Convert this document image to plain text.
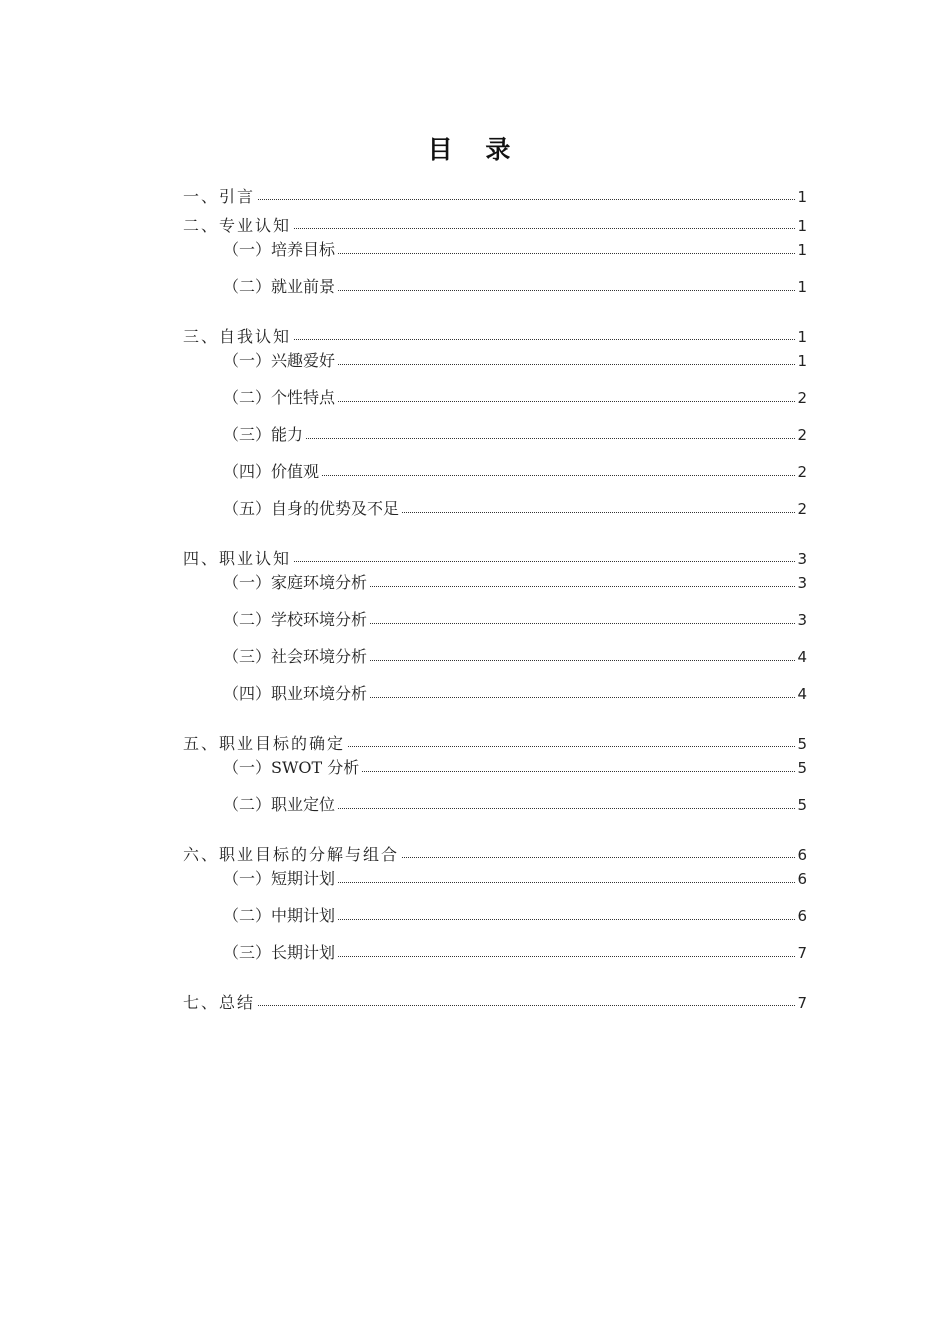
目 录
一、引言	1
二、专业认知	1
（一）培养目标	1
（二）就业前景	1
三、自我认知	1
（一）兴趣爱好	1
（二）个性特点	2
（三）能力	2
（四）价值观	2
（五）自身的优势及不足	2
四、职业认知	3
（一）家庭环境分析	3
（二）学校环境分析	3
（三）社会环境分析	4
（四）职业环境分析	4
五、职业目标的确定	5
（一）SWOT 分析	5
（二）职业定位	5
六、职业目标的分解与组合	6
（一）短期计划	6
（二）中期计划	6
（三）长期计划	7
七、总结	7
